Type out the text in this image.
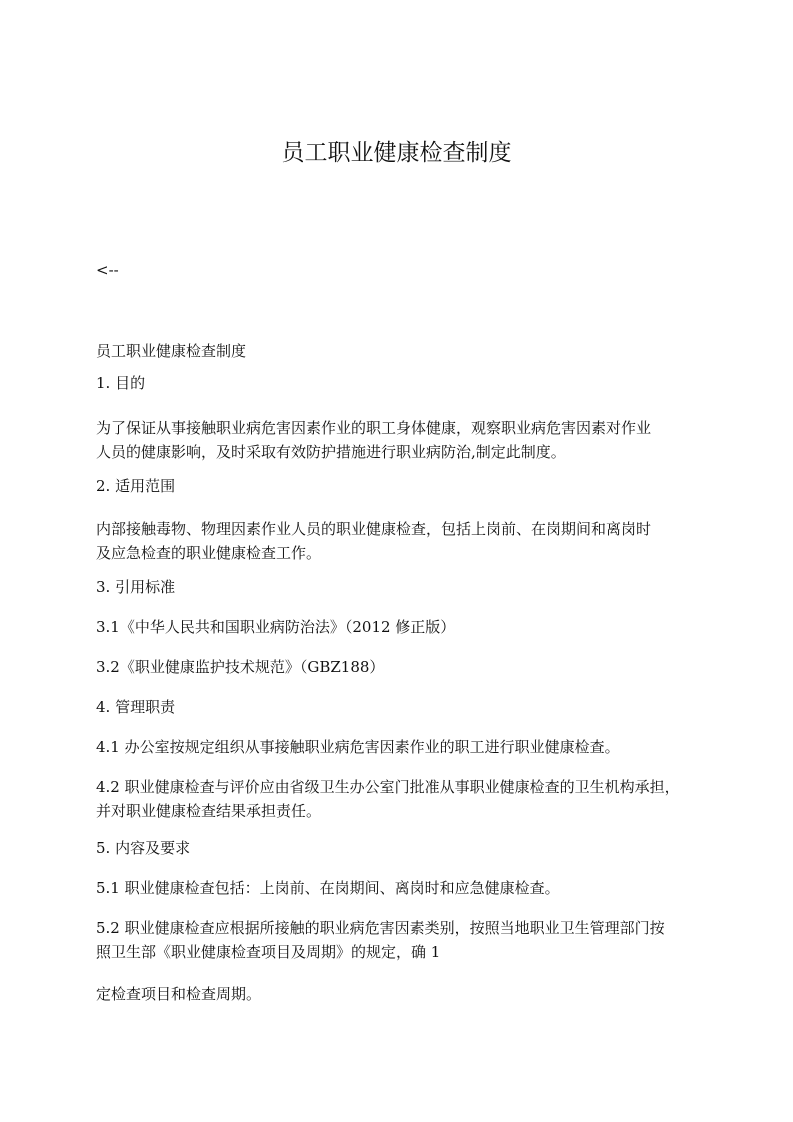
员工职业健康检查制度

<--

员工职业健康检查制度

1. 目的

为了保证从事接触职业病危害因素作业的职工身体健康，观察职业病危害因素对作业
人员的健康影响，及时采取有效防护措施进行职业病防治,制定此制度。

2. 适用范围

内部接触毒物、物理因素作业人员的职业健康检查，包括上岗前、在岗期间和离岗时
及应急检查的职业健康检查工作。

3. 引用标准

3.1《中华人民共和国职业病防治法》（2012 修正版）

3.2《职业健康监护技术规范》（GBZ188）

4. 管理职责

4.1 办公室按规定组织从事接触职业病危害因素作业的职工进行职业健康检查。

4.2 职业健康检查与评价应由省级卫生办公室门批准从事职业健康检查的卫生机构承担，
并对职业健康检查结果承担责任。

5. 内容及要求

5.1 职业健康检查包括：上岗前、在岗期间、离岗时和应急健康检查。

5.2 职业健康检查应根据所接触的职业病危害因素类别，按照当地职业卫生管理部门按
照卫生部《职业健康检查项目及周期》的规定，确 1

定检查项目和检查周期。
